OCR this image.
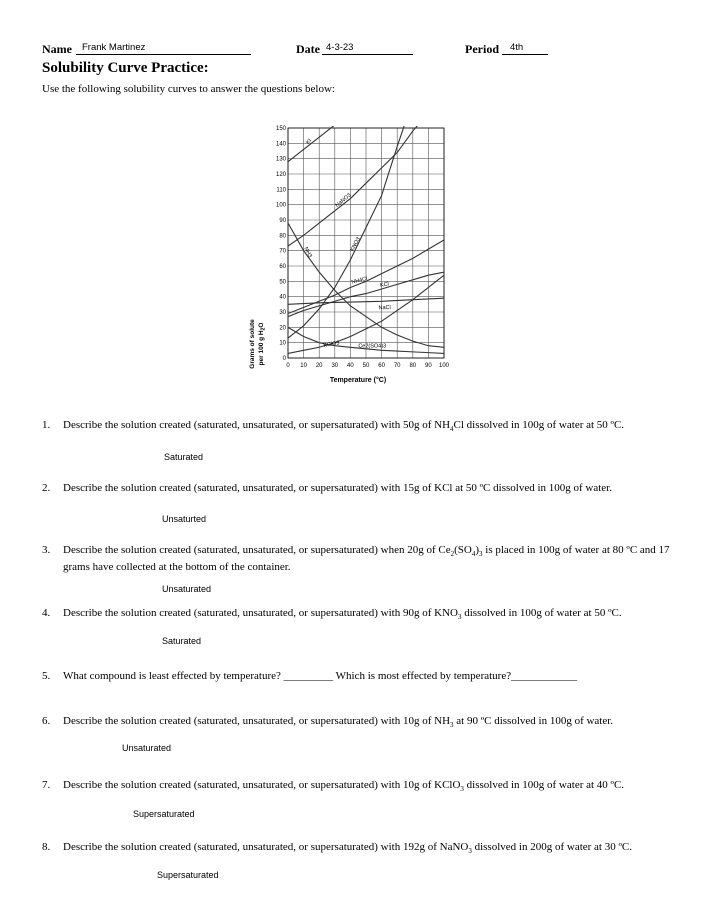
Name Frank Martinez	Date 4-3-23	Period 4th
Solubility Curve Practice:
Use the following solubility curves to answer the questions below:
0 10 20 30 40 50 60 70 80 90 100
0
10
20
30
40
50
60
70
80
90
100
110
120
130
140
150
KI
NaNO3
KNO3
NH3
NH4Cl KCl
NaCl
KClO3	Ce2(SO4)3
Grams of solute per 100 g $H_2O$
Temperature (°C)
1.	Describe the solution created (saturated, unsaturated, or supersaturated) with 50g of $NH_4Cl$ dissolved in 100g of water at 50 ºC.
Saturated
2.	Describe the solution created (saturated, unsaturated, or supersaturated) with 15g of KCl at 50 ºC dissolved in 100g of water.
Unsaturted
3.	Describe the solution created (saturated, unsaturated, or supersaturated) when 20g of $Ce_2(SO_4)_3$ is placed in 100g of water at 80 ºC and 17 grams have collected at the bottom of the container.
Unsaturated
4.	Describe the solution created (saturated, unsaturated, or supersaturated) with 90g of $KNO_3$ dissolved in 100g of water at 50 ºC.
Saturated
5.	What compound is least effected by temperature? _________ Which is most effected by temperature?____________
6.	Describe the solution created (saturated, unsaturated, or supersaturated) with 10g of $NH_3$ at 90 ºC dissolved in 100g of water.
Unsaturated
7.	Describe the solution created (saturated, unsaturated, or supersaturated) with 10g of KClO$_3$ dissolved in 100g of water at 40 ºC.
Supersaturated
8.	Describe the solution created (saturated, unsaturated, or supersaturated) with 192g of NaNO$_3$ dissolved in 200g of water at 30 ºC.
Supersaturated
